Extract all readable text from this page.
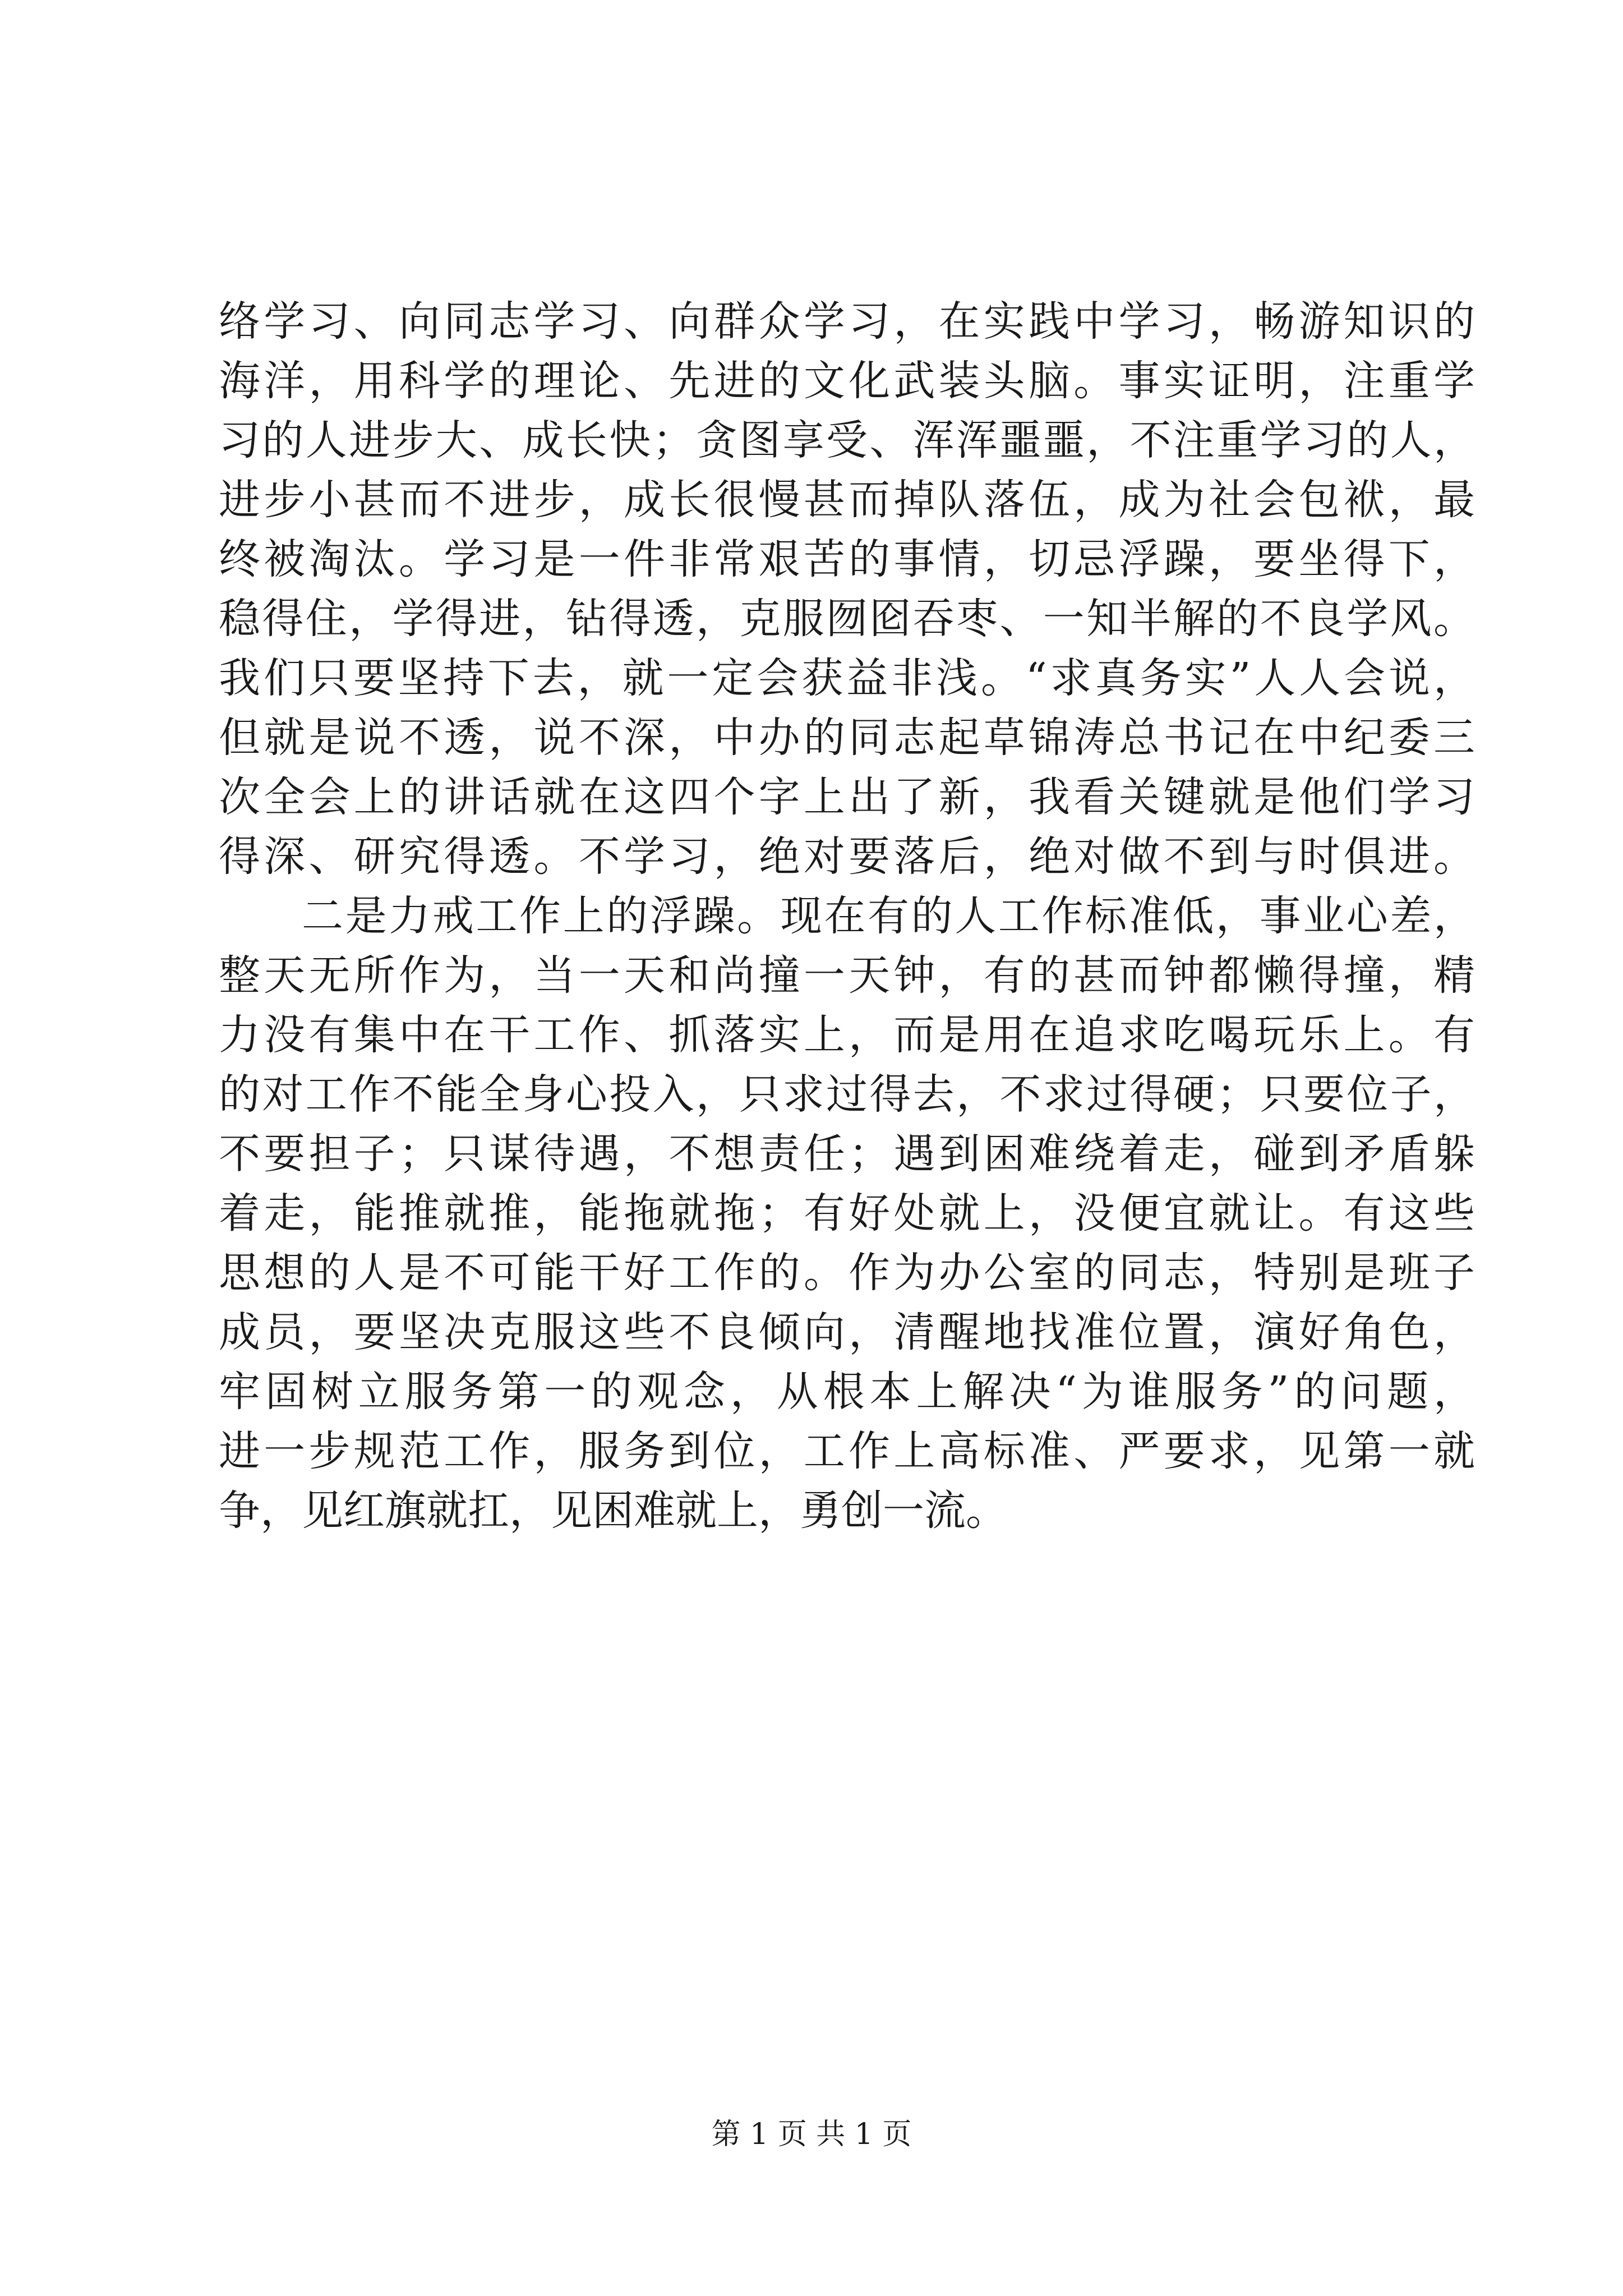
络学习、向同志学习、向群众学习，在实践中学习，畅游知识的
海洋，用科学的理论、先进的文化武装头脑。事实证明，注重学
习的人进步大、成长快；贪图享受、浑浑噩噩，不注重学习的人，
进步小甚而不进步，成长很慢甚而掉队落伍，成为社会包袱，最
终被淘汰。学习是一件非常艰苦的事情，切忌浮躁，要坐得下，
稳得住，学得进，钻得透，克服囫囵吞枣、一知半解的不良学风。
我们只要坚持下去，就一定会获益非浅。“求真务实”人人会说，
但就是说不透，说不深，中办的同志起草锦涛总书记在中纪委三
次全会上的讲话就在这四个字上出了新，我看关键就是他们学习
得深、研究得透。不学习，绝对要落后，绝对做不到与时俱进。
二是力戒工作上的浮躁。现在有的人工作标准低，事业心差，
整天无所作为，当一天和尚撞一天钟，有的甚而钟都懒得撞，精
力没有集中在干工作、抓落实上，而是用在追求吃喝玩乐上。有
的对工作不能全身心投入，只求过得去，不求过得硬；只要位子，
不要担子；只谋待遇，不想责任；遇到困难绕着走，碰到矛盾躲
着走，能推就推，能拖就拖；有好处就上，没便宜就让。有这些
思想的人是不可能干好工作的。作为办公室的同志，特别是班子
成员，要坚决克服这些不良倾向，清醒地找准位置，演好角色，
牢固树立服务第一的观念，从根本上解决“为谁服务”的问题，
进一步规范工作，服务到位，工作上高标准、严要求，见第一就
争，见红旗就扛，见困难就上，勇创一流。
第 1 页 共 1 页
